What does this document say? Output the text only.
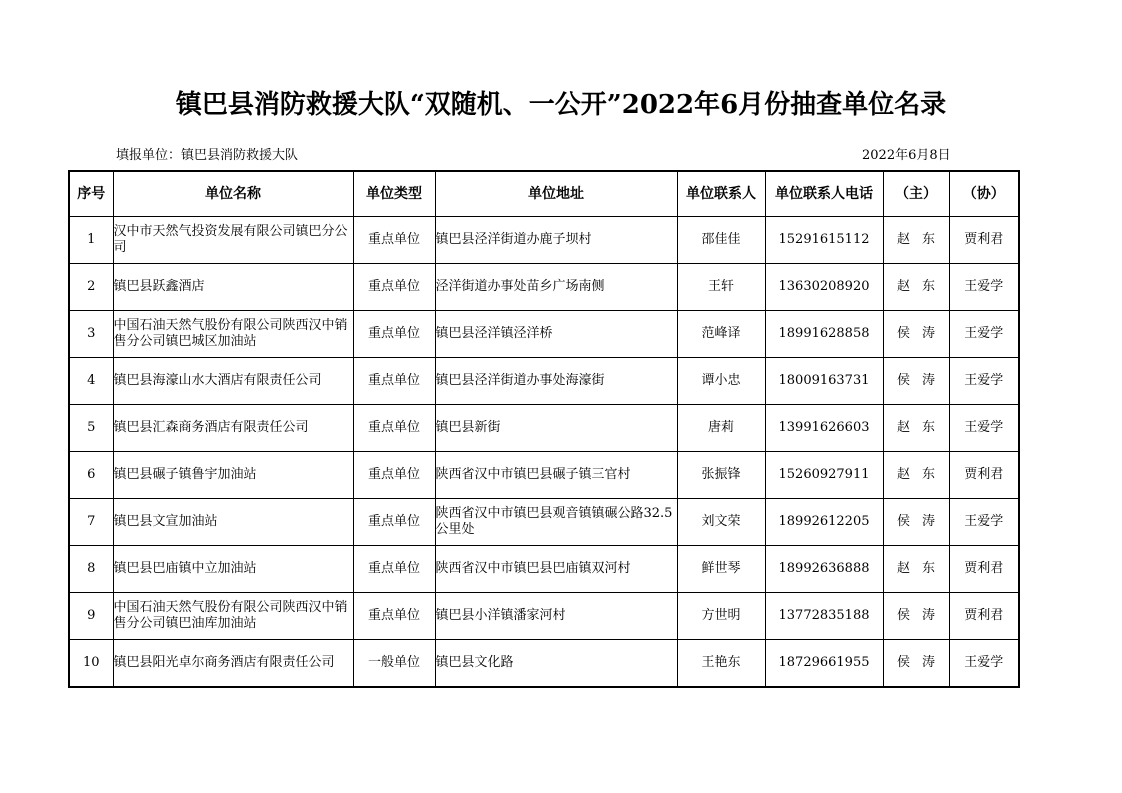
镇巴县消防救援大队“双随机、一公开”2022年6月份抽查单位名录
填报单位：镇巴县消防救援大队	2022年6月8日
序号	单位名称	单位类型	单位地址	单位联系人	单位联系人电话	（主）	（协）
1	汉中市天然气投资发展有限公司镇巴分公司	重点单位	镇巴县泾洋街道办鹿子坝村	邵佳佳	15291615112	赵东	贾利君
2	镇巴县跃鑫酒店	重点单位	泾洋街道办事处苗乡广场南侧	王轩	13630208920	赵东	王爱学
3	中国石油天然气股份有限公司陕西汉中销售分公司镇巴城区加油站	重点单位	镇巴县泾洋镇泾洋桥	范峰译	18991628858	侯涛	王爱学
4	镇巴县海濠山水大酒店有限责任公司	重点单位	镇巴县泾洋街道办事处海濠街	谭小忠	18009163731	侯涛	王爱学
5	镇巴县汇森商务酒店有限责任公司	重点单位	镇巴县新街	唐莉	13991626603	赵东	王爱学
6	镇巴县碾子镇鲁宇加油站	重点单位	陕西省汉中市镇巴县碾子镇三官村	张振锋	15260927911	赵东	贾利君
7	镇巴县文宣加油站	重点单位	陕西省汉中市镇巴县观音镇镇碾公路32.5公里处	刘文荣	18992612205	侯涛	王爱学
8	镇巴县巴庙镇中立加油站	重点单位	陕西省汉中市镇巴县巴庙镇双河村	鲜世琴	18992636888	赵东	贾利君
9	中国石油天然气股份有限公司陕西汉中销售分公司镇巴油库加油站	重点单位	镇巴县小洋镇潘家河村	方世明	13772835188	侯涛	贾利君
10	镇巴县阳光卓尔商务酒店有限责任公司	一般单位	镇巴县文化路	王艳东	18729661955	侯涛	王爱学
